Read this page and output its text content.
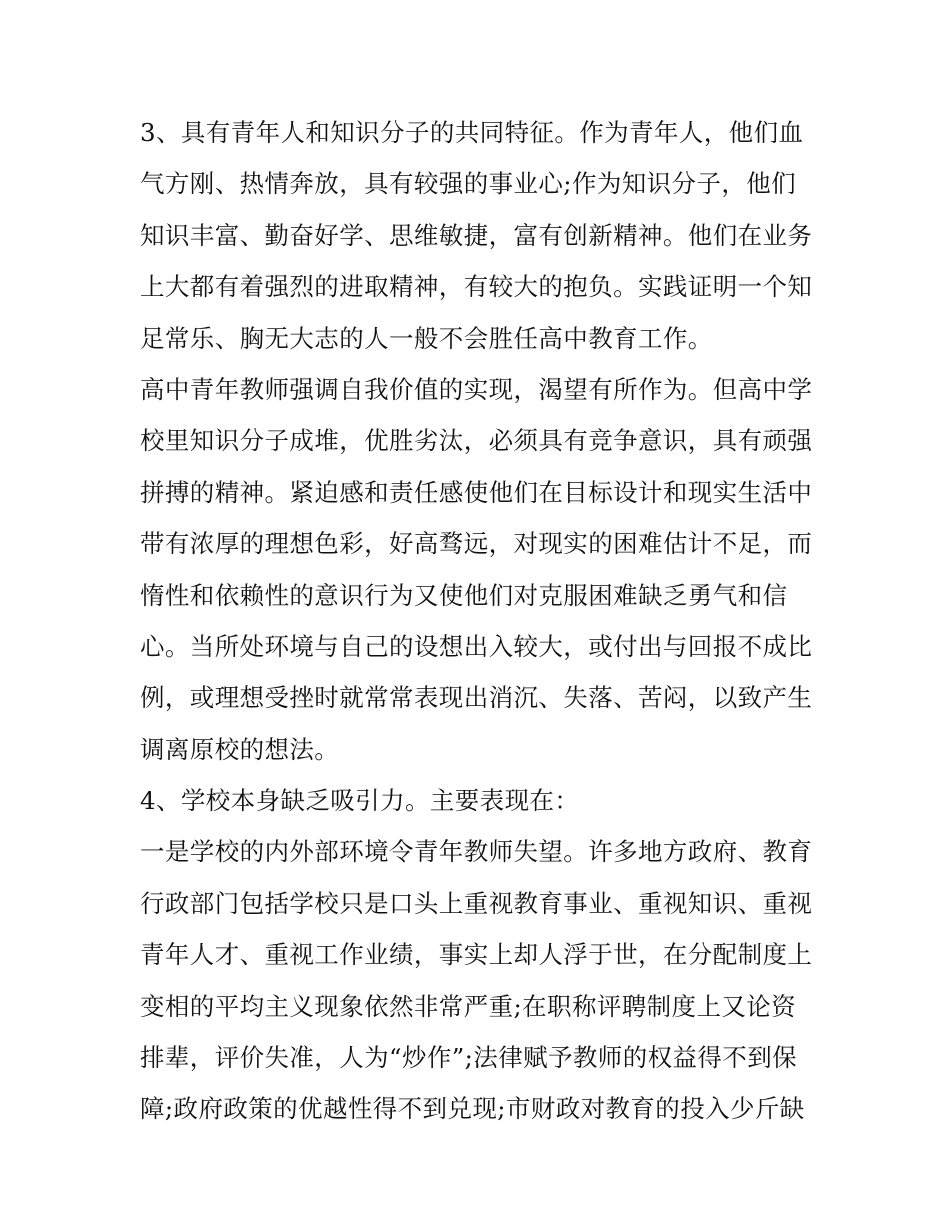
3、具有青年人和知识分子的共同特征。作为青年人，他们血
气方刚、热情奔放，具有较强的事业心;作为知识分子，他们
知识丰富、勤奋好学、思维敏捷，富有创新精神。他们在业务
上大都有着强烈的进取精神，有较大的抱负。实践证明一个知
足常乐、胸无大志的人一般不会胜任高中教育工作。
高中青年教师强调自我价值的实现，渴望有所作为。但高中学
校里知识分子成堆，优胜劣汰，必须具有竞争意识，具有顽强
拼搏的精神。紧迫感和责任感使他们在目标设计和现实生活中
带有浓厚的理想色彩，好高骛远，对现实的困难估计不足，而
惰性和依赖性的意识行为又使他们对克服困难缺乏勇气和信
心。当所处环境与自己的设想出入较大，或付出与回报不成比
例，或理想受挫时就常常表现出消沉、失落、苦闷，以致产生
调离原校的想法。
4、学校本身缺乏吸引力。主要表现在：
一是学校的内外部环境令青年教师失望。许多地方政府、教育
行政部门包括学校只是口头上重视教育事业、重视知识、重视
青年人才、重视工作业绩，事实上却人浮于世，在分配制度上
变相的平均主义现象依然非常严重;在职称评聘制度上又论资
排辈，评价失准，人为“炒作”;法律赋予教师的权益得不到保
障;政府政策的优越性得不到兑现;市财政对教育的投入少斤缺
